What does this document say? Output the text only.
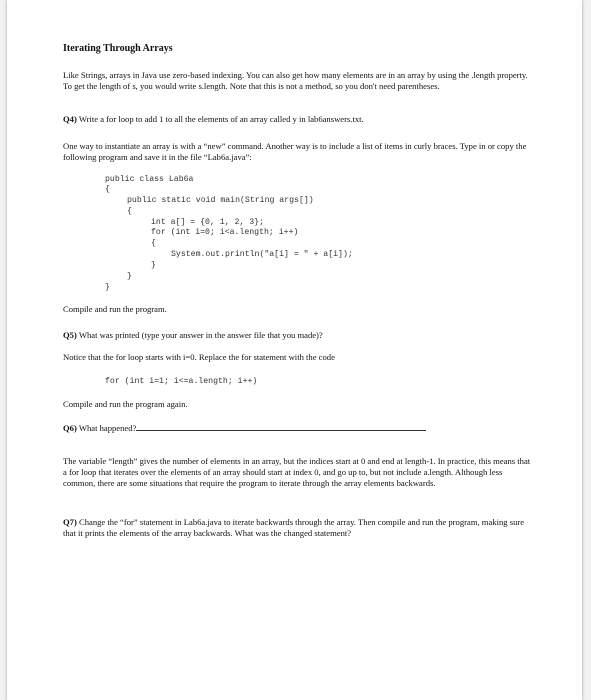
Iterating Through Arrays
Like Strings, arrays in Java use zero-based indexing. You can also get how many elements are in an array by using the .length property. To get the length of s, you would write s.length. Note that this is not a method, so you don't need parentheses.
Q4) Write a for loop to add 1 to all the elements of an array called y in lab6answers.txt.
One way to instantiate an array is with a “new” command. Another way is to include a list of items in curly braces. Type in or copy the following program and save it in the file “Lab6a.java”:
public class Lab6a
{
public static void main(String args[])
{
int a[] = {0, 1, 2, 3};
for (int i=0; i<a.length; i++)
{
System.out.println("a[i] = " + a[i]);
}
}
}
Compile and run the program.
Q5) What was printed (type your answer in the answer file that you made)?
Notice that the for loop starts with i=0. Replace the for statement with the code
for (int i=1; i<=a.length; i++)
Compile and run the program again.
Q6) What happened?
The variable “length” gives the number of elements in an array, but the indices start at 0 and end at length-1. In practice, this means that a for loop that iterates over the elements of an array should start at index 0, and go up to, but not include a.length. Although less common, there are some situations that require the program to iterate through the array elements backwards.
Q7) Change the “for” statement in Lab6a.java to iterate backwards through the array. Then compile and run the program, making sure that it prints the elements of the array backwards. What was the changed statement?
